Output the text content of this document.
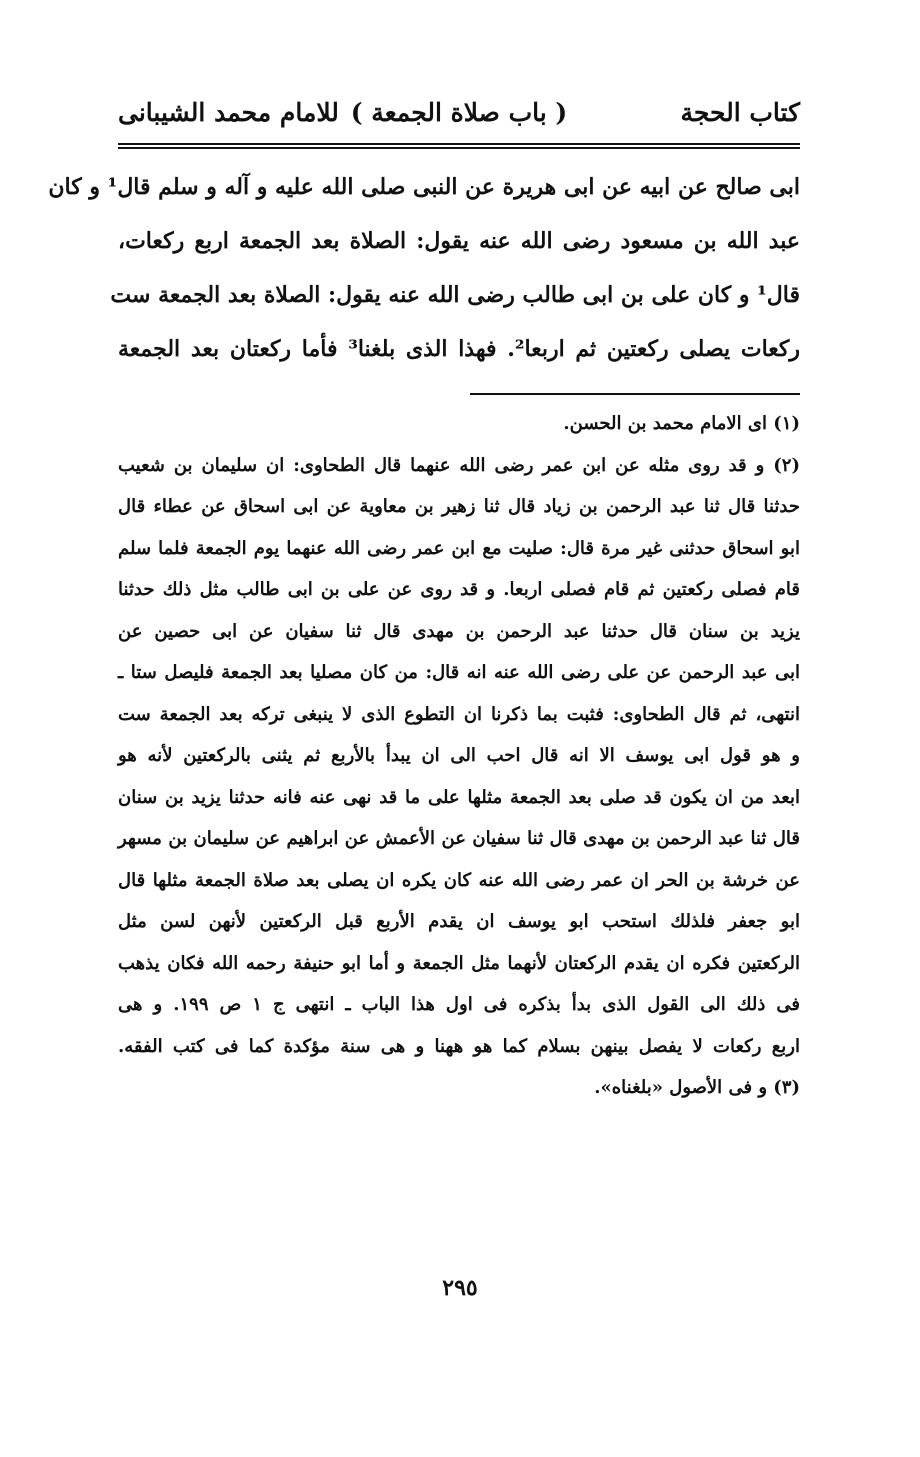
كتاب الحجة
( باب صلاة الجمعة )
للامام محمد الشيبانى
ابى صالح عن ابيه عن ابى هريرة عن النبى صلى الله عليه و آله و سلم قال¹ و كان
عبد الله بن مسعود رضى الله عنه يقول: الصلاة بعد الجمعة اربع ركعات،
قال¹ و كان على بن ابى طالب رضى الله عنه يقول: الصلاة بعد الجمعة ست
ركعات يصلى ركعتين ثم اربعا². فهذا الذى بلغنا³ فأما ركعتان بعد الجمعة
(١) اى الامام محمد بن الحسن.
(٢) و قد روى مثله عن ابن عمر رضى الله عنهما قال الطحاوى: ان سليمان بن شعيب
حدثنا قال ثنا عبد الرحمن بن زياد قال ثنا زهير بن معاوية عن ابى اسحاق عن عطاء قال
ابو اسحاق حدثنى غير مرة قال: صليت مع ابن عمر رضى الله عنهما يوم الجمعة فلما سلم
قام فصلى ركعتين ثم قام فصلى اربعا. و قد روى عن على بن ابى طالب مثل ذلك حدثنا
يزيد بن سنان قال حدثنا عبد الرحمن بن مهدى قال ثنا سفيان عن ابى حصين عن
ابى عبد الرحمن عن على رضى الله عنه انه قال: من كان مصليا بعد الجمعة فليصل ستا ـ
انتهى، ثم قال الطحاوى: فثبت بما ذكرنا ان التطوع الذى لا ينبغى تركه بعد الجمعة ست
و هو قول ابى يوسف الا انه قال احب الى ان يبدأ بالأربع ثم يثنى بالركعتين لأنه هو
ابعد من ان يكون قد صلى بعد الجمعة مثلها على ما قد نهى عنه فانه حدثنا يزيد بن سنان
قال ثنا عبد الرحمن بن مهدى قال ثنا سفيان عن الأعمش عن ابراهيم عن سليمان بن مسهر
عن خرشة بن الحر ان عمر رضى الله عنه كان يكره ان يصلى بعد صلاة الجمعة مثلها قال
ابو جعفر فلذلك استحب ابو يوسف ان يقدم الأربع قبل الركعتين لأنهن لسن مثل
الركعتين فكره ان يقدم الركعتان لأنهما مثل الجمعة و أما ابو حنيفة رحمه الله فكان يذهب
فى ذلك الى القول الذى بدأ بذكره فى اول هذا الباب ـ انتهى ج ١ ص ١٩٩. و هى
اربع ركعات لا يفصل بينهن بسلام كما هو ههنا و هى سنة مؤكدة كما فى كتب الفقه.
(٣) و فى الأصول «بلغناه».
٢٩٥
